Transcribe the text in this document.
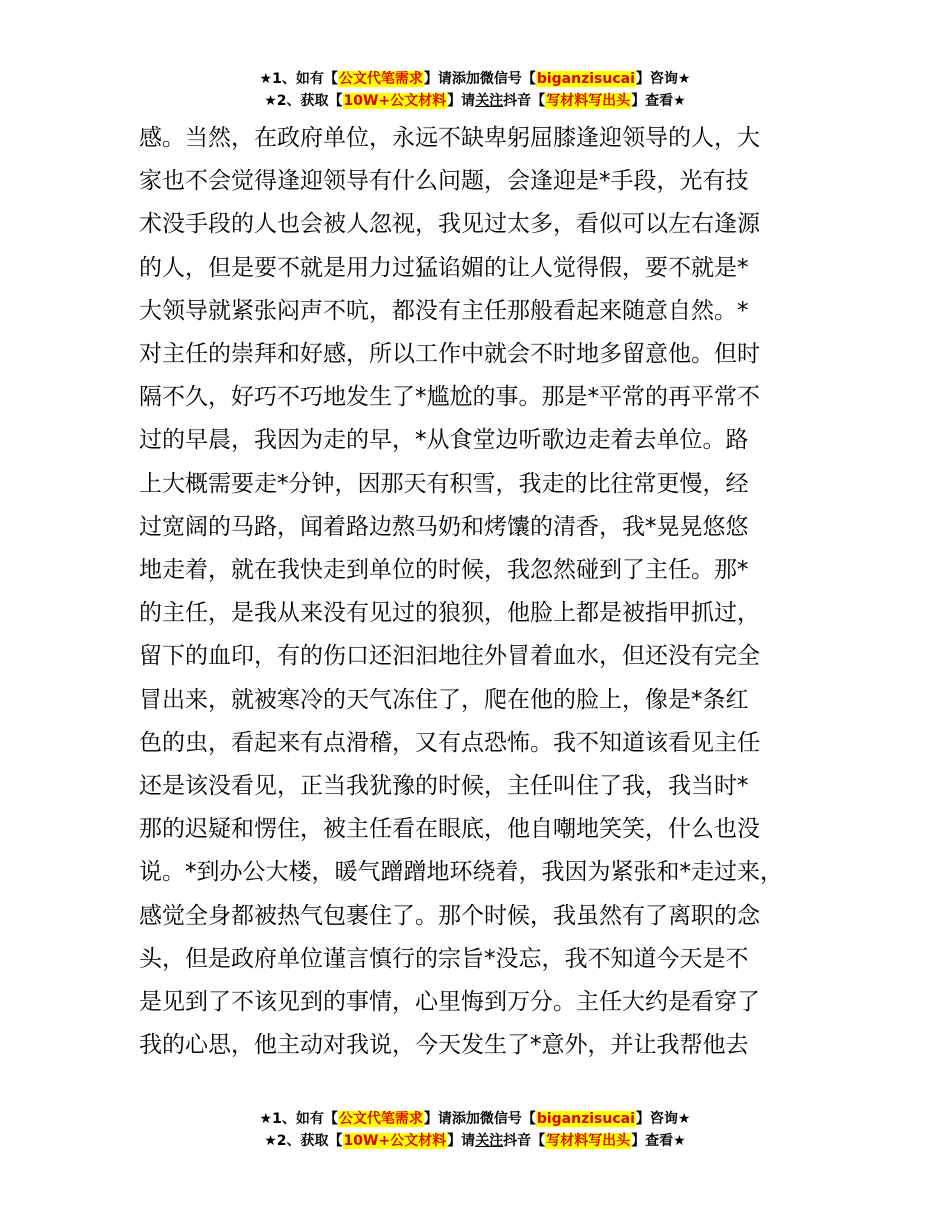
★1、如有【公文代笔需求】请添加微信号【biganzisucai】咨询★
★2、获取【10W+公文材料】请关注抖音【写材料写出头】查看★
感。当然，在政府单位，永远不缺卑躬屈膝逢迎领导的人，大
家也不会觉得逢迎领导有什么问题，会逢迎是*手段，光有技
术没手段的人也会被人忽视，我见过太多，看似可以左右逢源
的人，但是要不就是用力过猛谄媚的让人觉得假，要不就是*
大领导就紧张闷声不吭，都没有主任那般看起来随意自然。*
对主任的崇拜和好感，所以工作中就会不时地多留意他。但时
隔不久，好巧不巧地发生了*尴尬的事。那是*平常的再平常不
过的早晨，我因为走的早，*从食堂边听歌边走着去单位。路
上大概需要走*分钟，因那天有积雪，我走的比往常更慢，经
过宽阔的马路，闻着路边熬马奶和烤馕的清香，我*晃晃悠悠
地走着，就在我快走到单位的时候，我忽然碰到了主任。那*
的主任，是我从来没有见过的狼狈，他脸上都是被指甲抓过，
留下的血印，有的伤口还汩汩地往外冒着血水，但还没有完全
冒出来，就被寒冷的天气冻住了，爬在他的脸上，像是*条红
色的虫，看起来有点滑稽，又有点恐怖。我不知道该看见主任
还是该没看见，正当我犹豫的时候，主任叫住了我，我当时*
那的迟疑和愣住，被主任看在眼底，他自嘲地笑笑，什么也没
说。*到办公大楼，暖气蹭蹭地环绕着，我因为紧张和*走过来，
感觉全身都被热气包裹住了。那个时候，我虽然有了离职的念
头，但是政府单位谨言慎行的宗旨*没忘，我不知道今天是不
是见到了不该见到的事情，心里悔到万分。主任大约是看穿了
我的心思，他主动对我说，今天发生了*意外，并让我帮他去
★1、如有【公文代笔需求】请添加微信号【biganzisucai】咨询★
★2、获取【10W+公文材料】请关注抖音【写材料写出头】查看★
